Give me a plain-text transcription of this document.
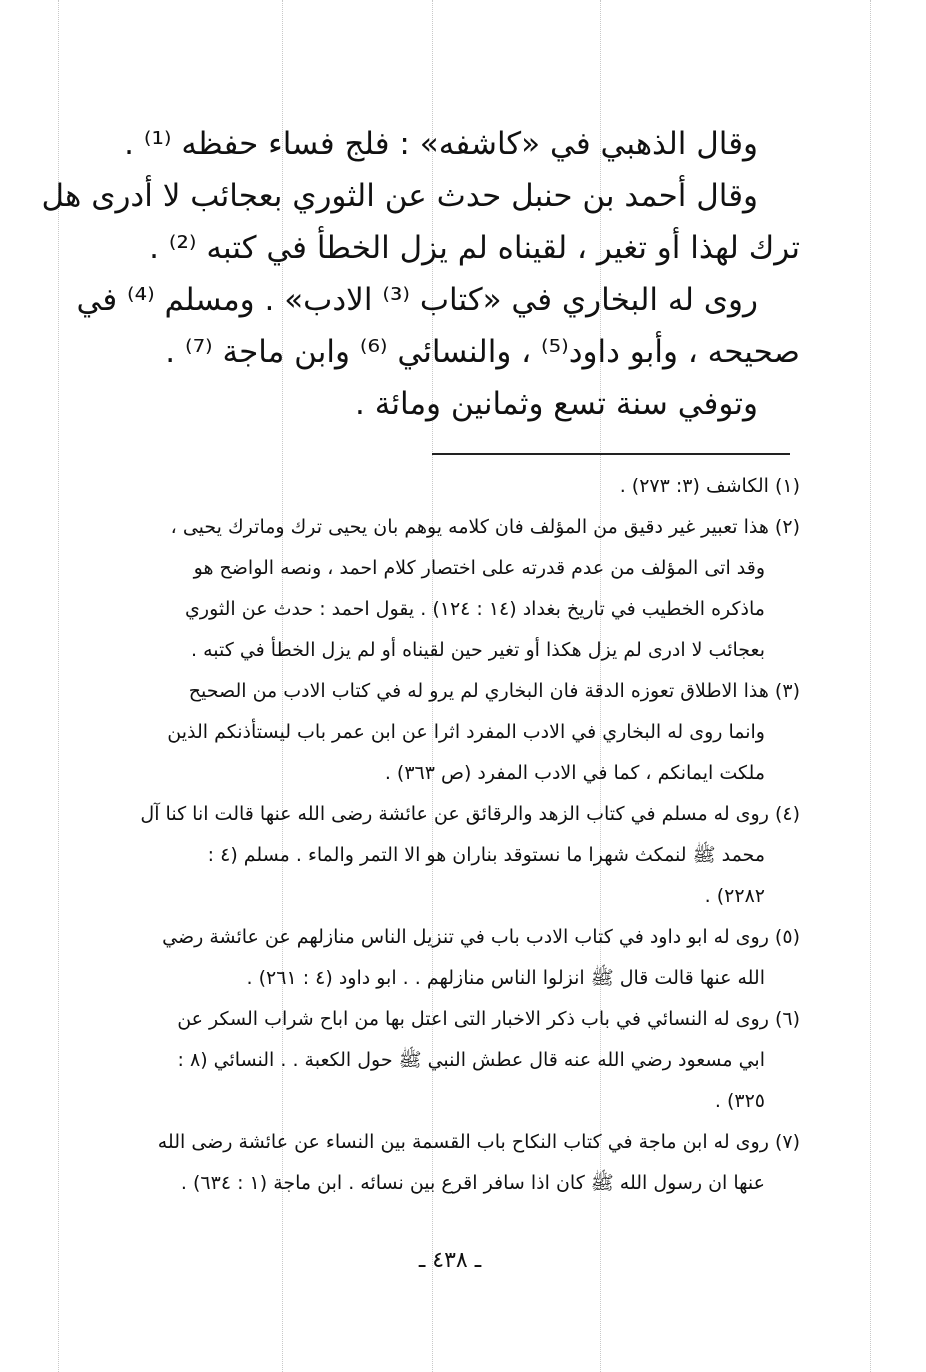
وقال الذهبي في «كاشفه» : فلج فساء حفظه ⁽¹⁾ .
وقال أحمد بن حنبل حدث عن الثوري بعجائب لا أدرى هل
ترك لهذا أو تغير ، لقيناه لم يزل الخطأ في كتبه ⁽²⁾ .
روى له البخاري في «كتاب ⁽³⁾ الادب» . ومسلم ⁽⁴⁾ في
صحيحه ، وأبو داود⁽⁵⁾ ، والنسائي ⁽⁶⁾ وابن ماجة ⁽⁷⁾ .
وتوفي سنة تسع وثمانين ومائة .
(١) الكاشف (٣: ٢٧٣) .
(٢) هذا تعبير غير دقيق من المؤلف فان كلامه يوهم بان يحيى ترك وماترك يحيى ،
وقد اتى المؤلف من عدم قدرته على اختصار كلام احمد ، ونصه الواضح هو
ماذكره الخطيب في تاريخ بغداد (١٤ : ١٢٤) . يقول احمد : حدث عن الثوري
بعجائب لا ادرى لم يزل هكذا أو تغير حين لقيناه أو لم يزل الخطأ في كتبه .
(٣) هذا الاطلاق تعوزه الدقة فان البخاري لم يرو له في كتاب الادب من الصحيح
وانما روى له البخاري في الادب المفرد اثرا عن ابن عمر باب ليستأذنكم الذين
ملكت ايمانكم ، كما في الادب المفرد (ص ٣٦٣) .
(٤) روى له مسلم في كتاب الزهد والرقائق عن عائشة رضى الله عنها قالت انا كنا آل
محمد ﷺ لنمكث شهرا ما نستوقد بناران هو الا التمر والماء . مسلم (٤ :
٢٢٨٢) .
(٥) روى له ابو داود في كتاب الادب باب في تنزيل الناس منازلهم عن عائشة رضي
الله عنها قالت قال ﷺ انزلوا الناس منازلهم . . ابو داود (٤ : ٢٦١) .
(٦) روى له النسائي في باب ذكر الاخبار التى اعتل بها من اباح شراب السكر عن
ابي مسعود رضي الله عنه قال عطش النبي ﷺ حول الكعبة . . النسائي (٨ :
٣٢٥) .
(٧) روى له ابن ماجة في كتاب النكاح باب القسمة بين النساء عن عائشة رضى الله
عنها ان رسول الله ﷺ كان اذا سافر اقرع بين نسائه . ابن ماجة (١ : ٦٣٤) .
ـ ٤٣٨ ـ
